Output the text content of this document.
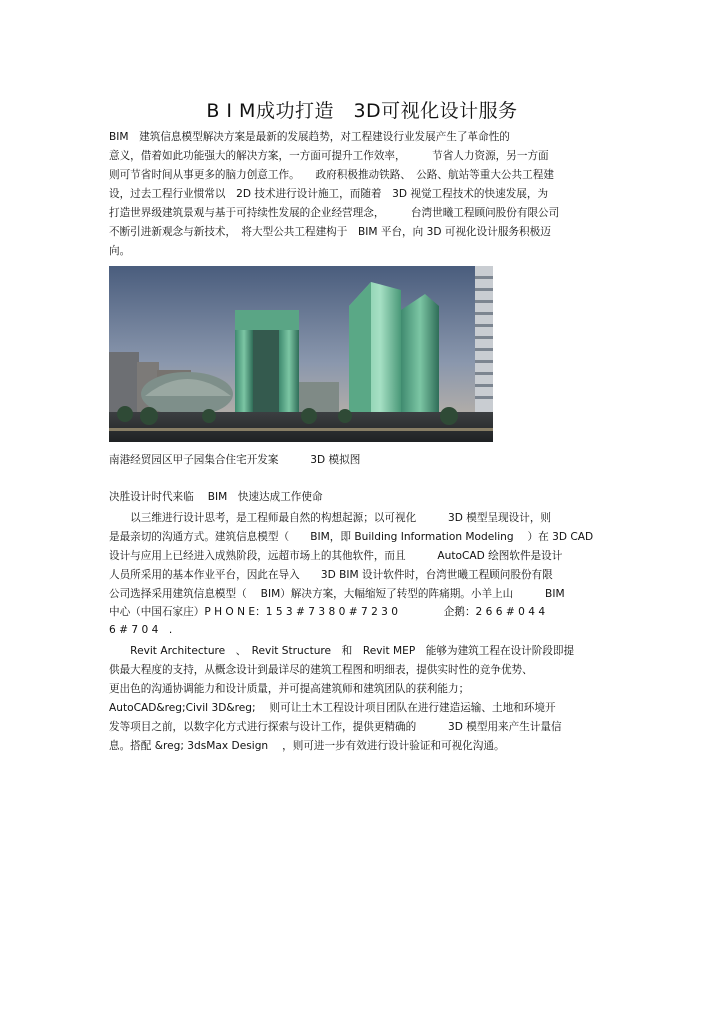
B I M成功打造　3D可视化设计服务
BIM　建筑信息模型解决方案是最新的发展趋势，对工程建设行业发展产生了革命性的
意义，借着如此功能强大的解决方案，一方面可提升工作效率，　　　节省人力资源，另一方面
则可节省时间从事更多的脑力创意工作。　　政府积极推动铁路、　公路、航站等重大公共工程建
设，过去工程行业惯常以　2D 技术进行设计施工，而随着　3D 视觉工程技术的快速发展，为
打造世界级建筑景观与基于可持续性发展的企业经营理念，　　　台湾世曦工程顾问股份有限公司
不断引进新观念与新技术，　将大型公共工程建构于　BIM 平台，向 3D 可视化设计服务积极迈
向。
南港经贸园区甲子园集合住宅开发案　　　3D 模拟图
决胜设计时代来临　 BIM　快速达成工作使命
　　以三维进行设计思考，是工程师最自然的构想起源；以可视化　　　3D 模型呈现设计，则
是最亲切的沟通方式。建筑信息模型（　　BIM，即 Building Information Modeling　 ）在 3D CAD
设计与应用上已经进入成熟阶段，远超市场上的其他软件，而且　　　AutoCAD 绘图软件是设计
人员所采用的基本作业平台，因此在导入　　3D BIM 设计软件时，台湾世曦工程顾问股份有限
公司选择采用建筑信息模型（　 BIM）解决方案，大幅缩短了转型的阵痛期。小羊上山　　　BIM
中心（中国石家庄）P H O N E：1 5 3 # 7 3 8 0 # 7 2 3 0　　　　 企鹅：2 6 6 # 0 4 4
6 # 7 0 4　.
　　Revit Architecture　、　Revit Structure　和　Revit MEP　能够为建筑工程在设计阶段即提
供最大程度的支持，从概念设计到最详尽的建筑工程图和明细表，提供实时性的竞争优势、
更出色的沟通协调能力和设计质量，并可提高建筑师和建筑团队的获利能力；
AutoCAD&reg;Civil 3D&reg;　 则可让土木工程设计项目团队在进行建造运输、土地和环境开
发等项目之前，以数字化方式进行探索与设计工作，提供更精确的　　　3D 模型用来产生计量信
息。搭配 &reg; 3dsMax Design　 ，则可进一步有效进行设计验证和可视化沟通。
